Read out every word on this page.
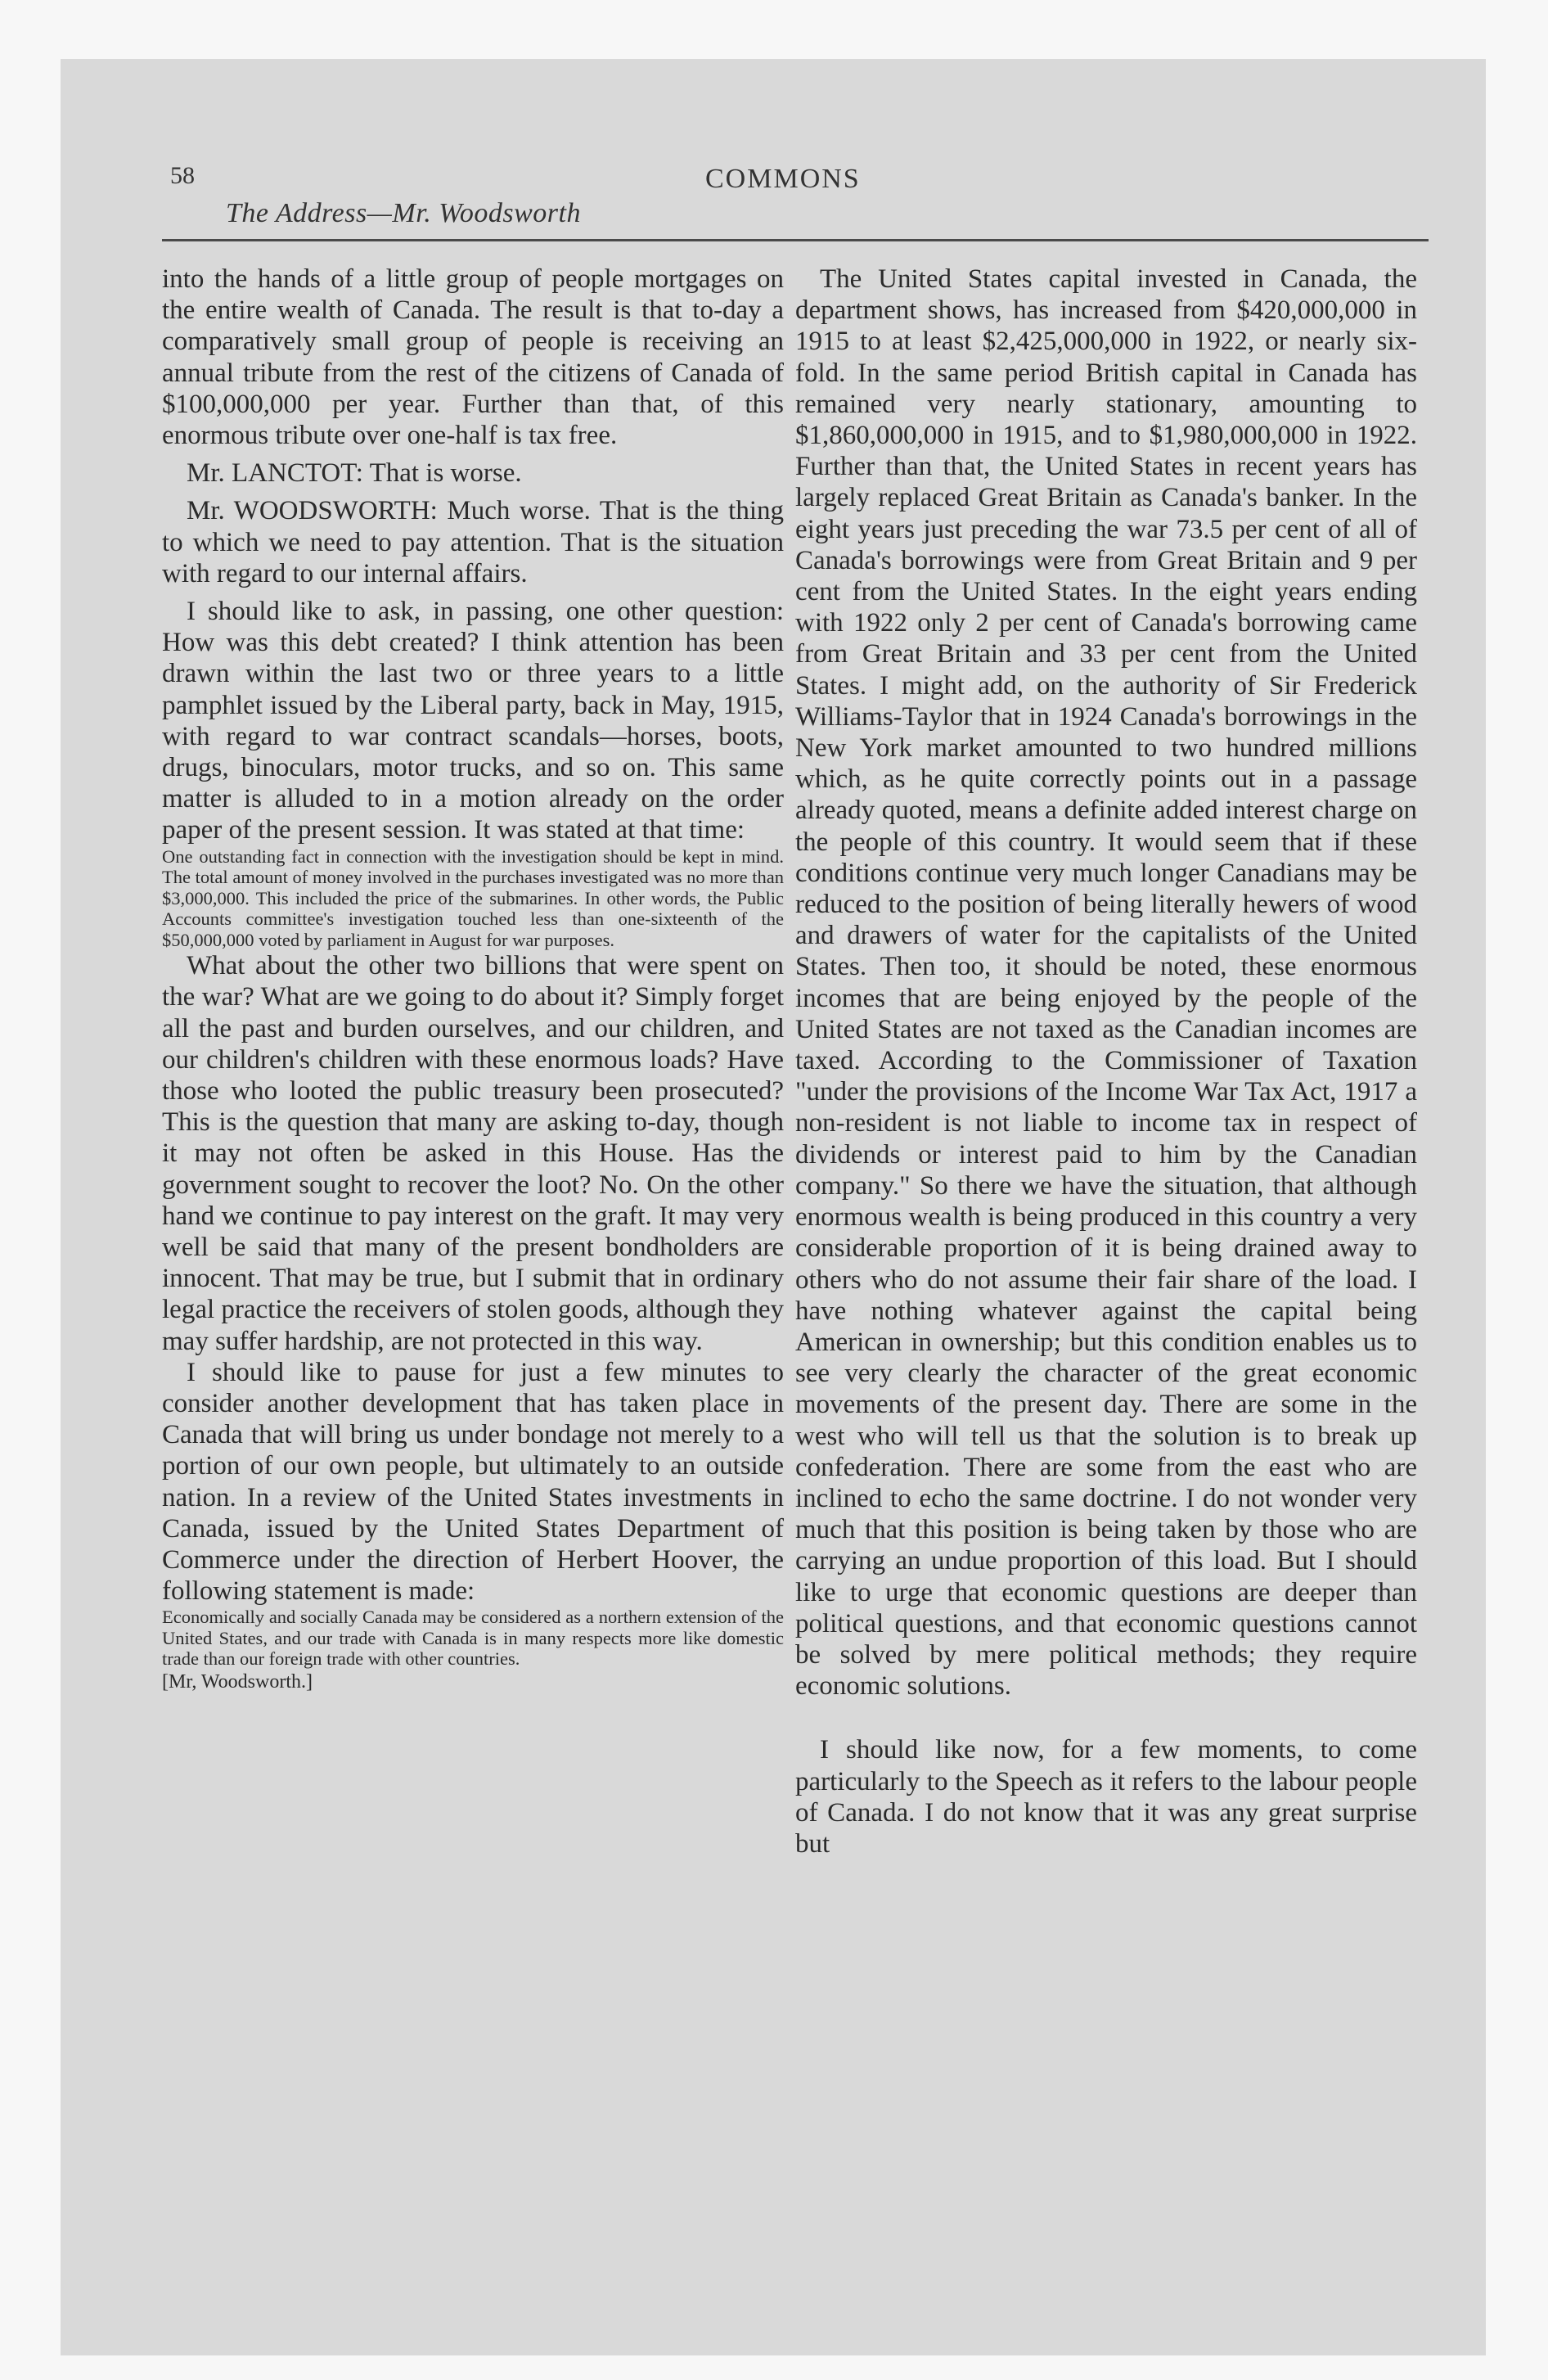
58
The Address—Mr. Woodsworth
COMMONS

into the hands of a little group of people mortgages on the entire wealth of Canada. The result is that to-day a comparatively small group of people is receiving an annual tribute from the rest of the citizens of Canada of $100,000,000 per year. Further than that, of this enormous tribute over one-half is tax free.

Mr. LANCTOT: That is worse.

Mr. WOODSWORTH: Much worse. That is the thing to which we need to pay attention. That is the situation with regard to our internal affairs.

I should like to ask, in passing, one other question: How was this debt created? I think attention has been drawn within the last two or three years to a little pamphlet issued by the Liberal party, back in May, 1915, with regard to war contract scandals—horses, boots, drugs, binoculars, motor trucks, and so on. This same matter is alluded to in a motion already on the order paper of the present session. It was stated at that time:

One outstanding fact in connection with the investigation should be kept in mind. The total amount of money involved in the purchases investigated was no more than $3,000,000. This included the price of the submarines. In other words, the Public Accounts committee's investigation touched less than one-sixteenth of the $50,000,000 voted by parliament in August for war purposes.

What about the other two billions that were spent on the war? What are we going to do about it? Simply forget all the past and burden ourselves, and our children, and our children's children with these enormous loads? Have those who looted the public treasury been prosecuted? This is the question that many are asking to-day, though it may not often be asked in this House. Has the government sought to recover the loot? No. On the other hand we continue to pay interest on the graft. It may very well be said that many of the present bondholders are innocent. That may be true, but I submit that in ordinary legal practice the receivers of stolen goods, although they may suffer hardship, are not protected in this way.

I should like to pause for just a few minutes to consider another development that has taken place in Canada that will bring us under bondage not merely to a portion of our own people, but ultimately to an outside nation. In a review of the United States investments in Canada, issued by the United States Department of Commerce under the direction of Herbert Hoover, the following statement is made:

Economically and socially Canada may be considered as a northern extension of the United States, and our trade with Canada is in many respects more like domestic trade than our foreign trade with other countries.

[Mr, Woodsworth.]

The United States capital invested in Canada, the department shows, has increased from $420,000,000 in 1915 to at least $2,425,000,000 in 1922, or nearly six-fold. In the same period British capital in Canada has remained very nearly stationary, amounting to $1,860,000,000 in 1915, and to $1,980,000,000 in 1922. Further than that, the United States in recent years has largely replaced Great Britain as Canada's banker. In the eight years just preceding the war 73.5 per cent of all of Canada's borrowings were from Great Britain and 9 per cent from the United States. In the eight years ending with 1922 only 2 per cent of Canada's borrowing came from Great Britain and 33 per cent from the United States. I might add, on the authority of Sir Frederick Williams-Taylor that in 1924 Canada's borrowings in the New York market amounted to two hundred millions which, as he quite correctly points out in a passage already quoted, means a definite added interest charge on the people of this country. It would seem that if these conditions continue very much longer Canadians may be reduced to the position of being literally hewers of wood and drawers of water for the capitalists of the United States. Then too, it should be noted, these enormous incomes that are being enjoyed by the people of the United States are not taxed as the Canadian incomes are taxed. According to the Commissioner of Taxation "under the provisions of the Income War Tax Act, 1917 a non-resident is not liable to income tax in respect of dividends or interest paid to him by the Canadian company." So there we have the situation, that although enormous wealth is being produced in this country a very considerable proportion of it is being drained away to others who do not assume their fair share of the load. I have nothing whatever against the capital being American in ownership; but this condition enables us to see very clearly the character of the great economic movements of the present day. There are some in the west who will tell us that the solution is to break up confederation. There are some from the east who are inclined to echo the same doctrine. I do not wonder very much that this position is being taken by those who are carrying an undue proportion of this load. But I should like to urge that economic questions are deeper than political questions, and that economic questions cannot be solved by mere political methods; they require economic solutions.

I should like now, for a few moments, to come particularly to the Speech as it refers to the labour people of Canada. I do not know that it was any great surprise but
